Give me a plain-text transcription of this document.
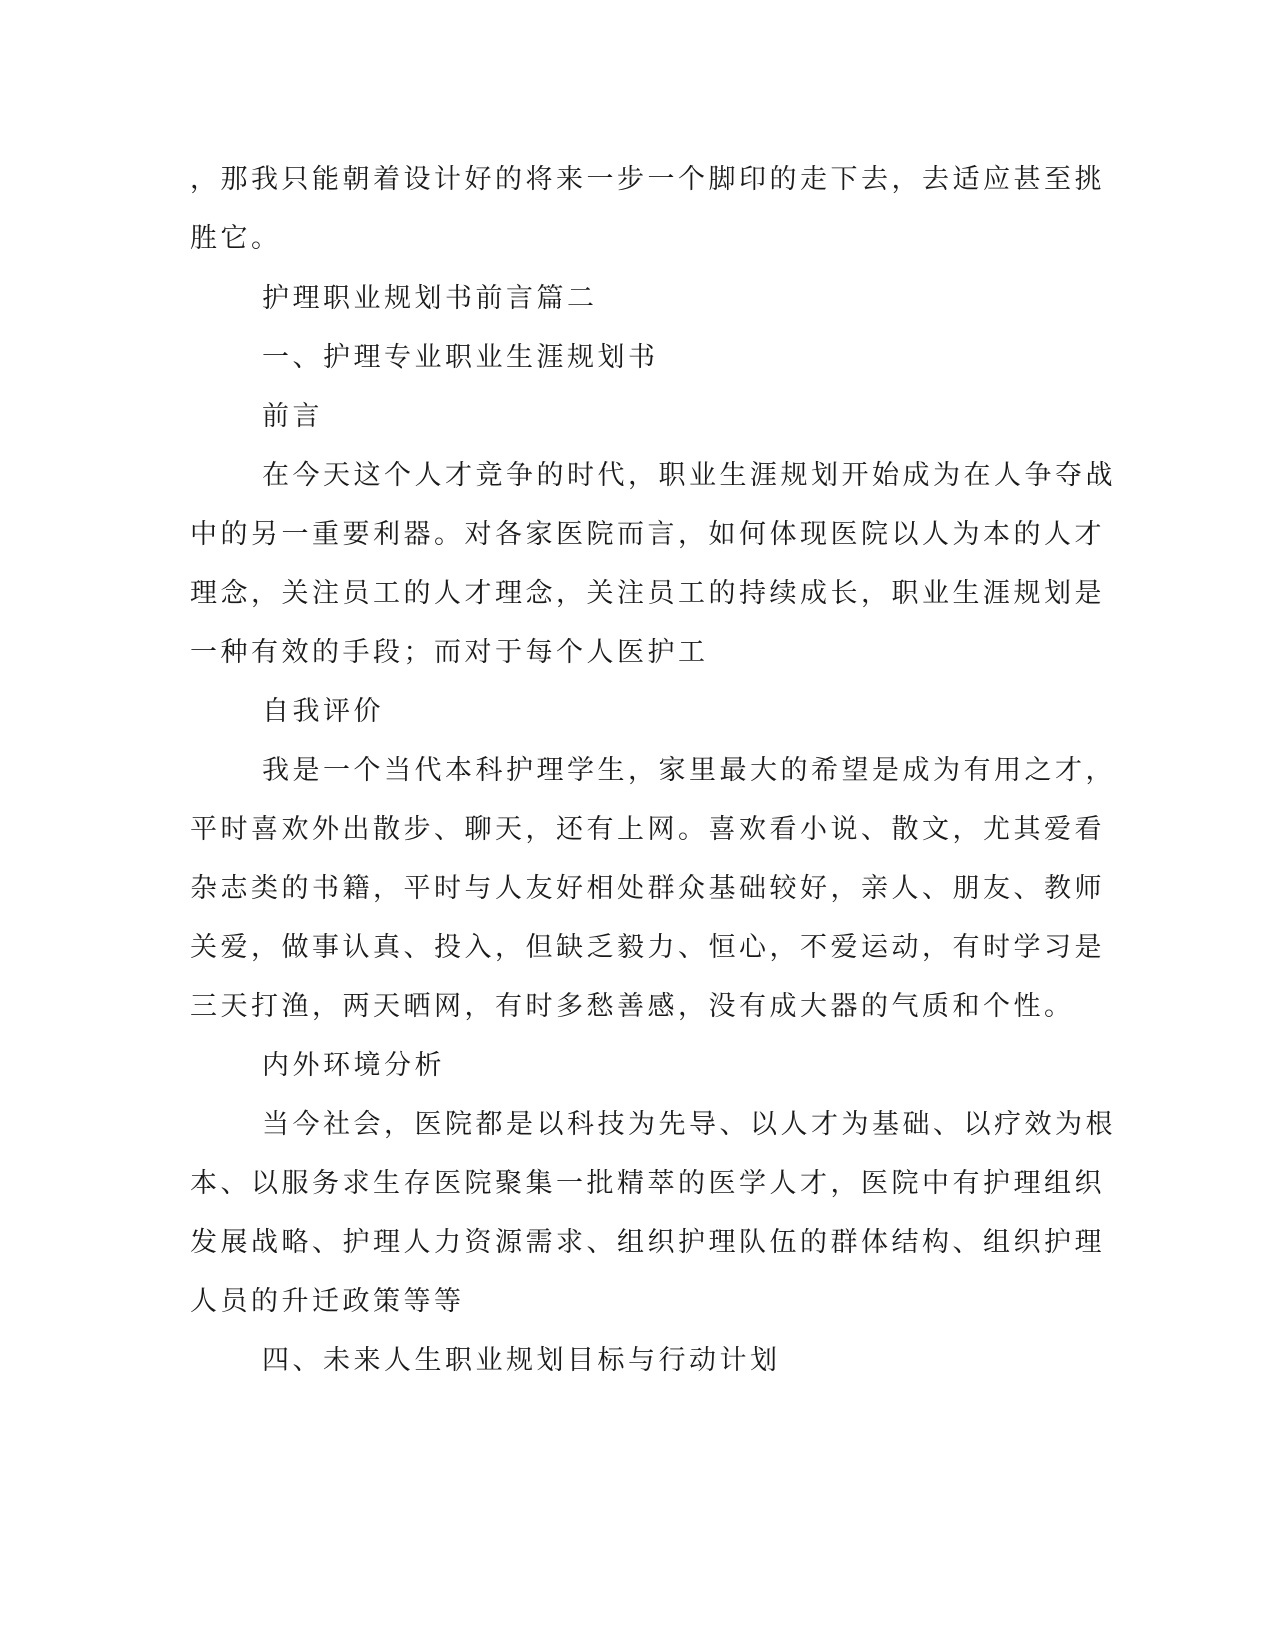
，那我只能朝着设计好的将来一步一个脚印的走下去，去适应甚至挑
胜它。
护理职业规划书前言篇二
一、护理专业职业生涯规划书
前言
在今天这个人才竞争的时代，职业生涯规划开始成为在人争夺战
中的另一重要利器。对各家医院而言，如何体现医院以人为本的人才
理念，关注员工的人才理念，关注员工的持续成长，职业生涯规划是
一种有效的手段；而对于每个人医护工
自我评价
我是一个当代本科护理学生，家里最大的希望是成为有用之才，
平时喜欢外出散步、聊天，还有上网。喜欢看小说、散文，尤其爱看
杂志类的书籍，平时与人友好相处群众基础较好，亲人、朋友、教师
关爱，做事认真、投入，但缺乏毅力、恒心，不爱运动，有时学习是
三天打渔，两天晒网，有时多愁善感，没有成大器的气质和个性。
内外环境分析
当今社会，医院都是以科技为先导、以人才为基础、以疗效为根
本、以服务求生存医院聚集一批精萃的医学人才，医院中有护理组织
发展战略、护理人力资源需求、组织护理队伍的群体结构、组织护理
人员的升迁政策等等
四、未来人生职业规划目标与行动计划
